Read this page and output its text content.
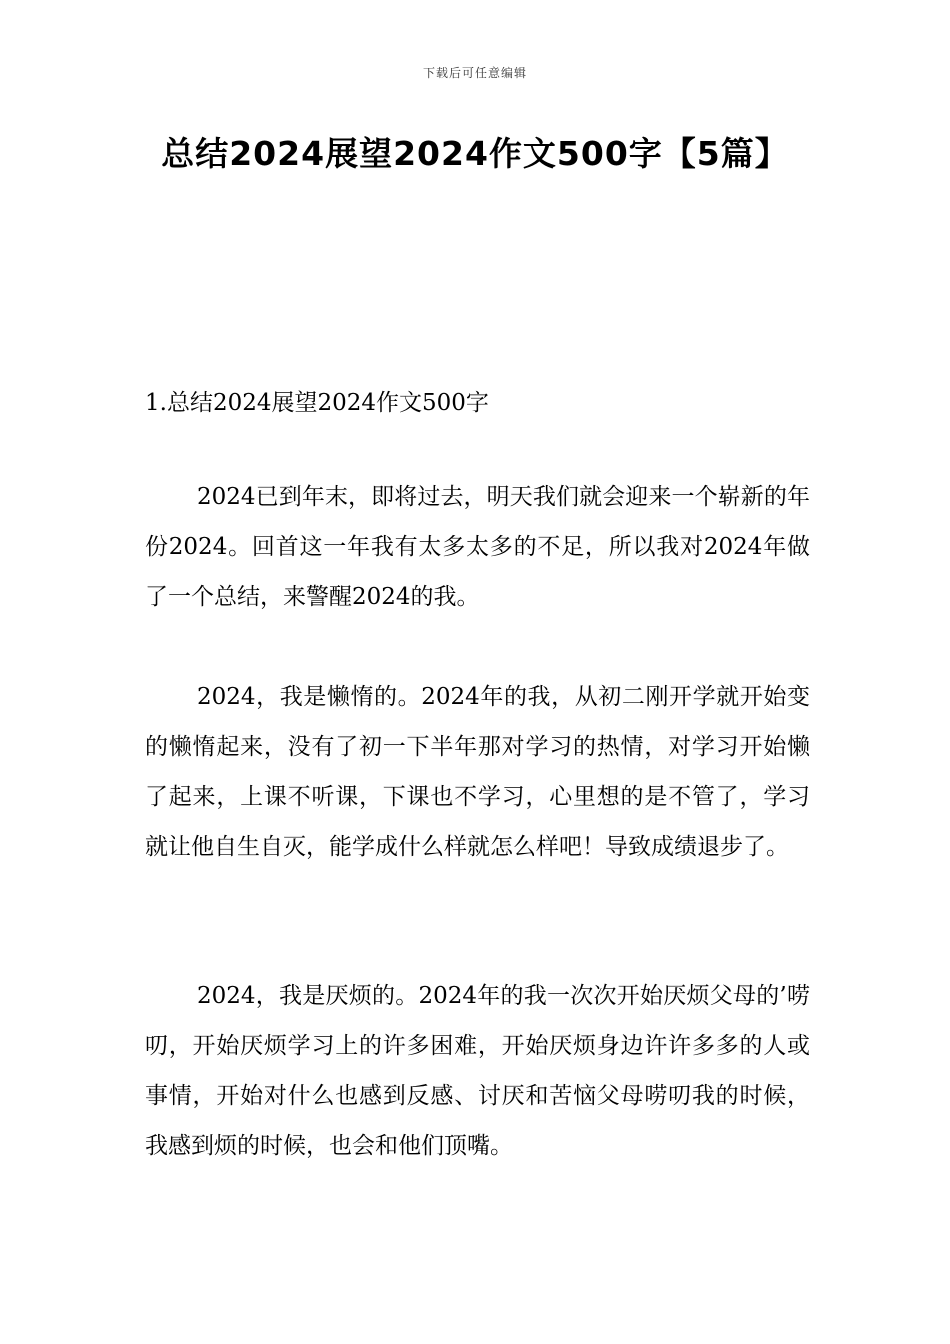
下载后可任意编辑
总结2024展望2024作文500字【5篇】
1.总结2024展望2024作文500字

2024已到年末，即将过去，明天我们就会迎来一个崭新的年份2024。回首这一年我有太多太多的不足，所以我对2024年做了一个总结，来警醒2024的我。

2024，我是懒惰的。2024年的我，从初二刚开学就开始变的懒惰起来，没有了初一下半年那对学习的热情，对学习开始懒了起来，上课不听课，下课也不学习，心里想的是不管了，学习就让他自生自灭，能学成什么样就怎么样吧！导致成绩退步了。

2024，我是厌烦的。2024年的我一次次开始厌烦父母的’唠叨，开始厌烦学习上的许多困难，开始厌烦身边许许多多的人或事情，开始对什么也感到反感、讨厌和苦恼父母唠叨我的时候，我感到烦的时候，也会和他们顶嘴。
